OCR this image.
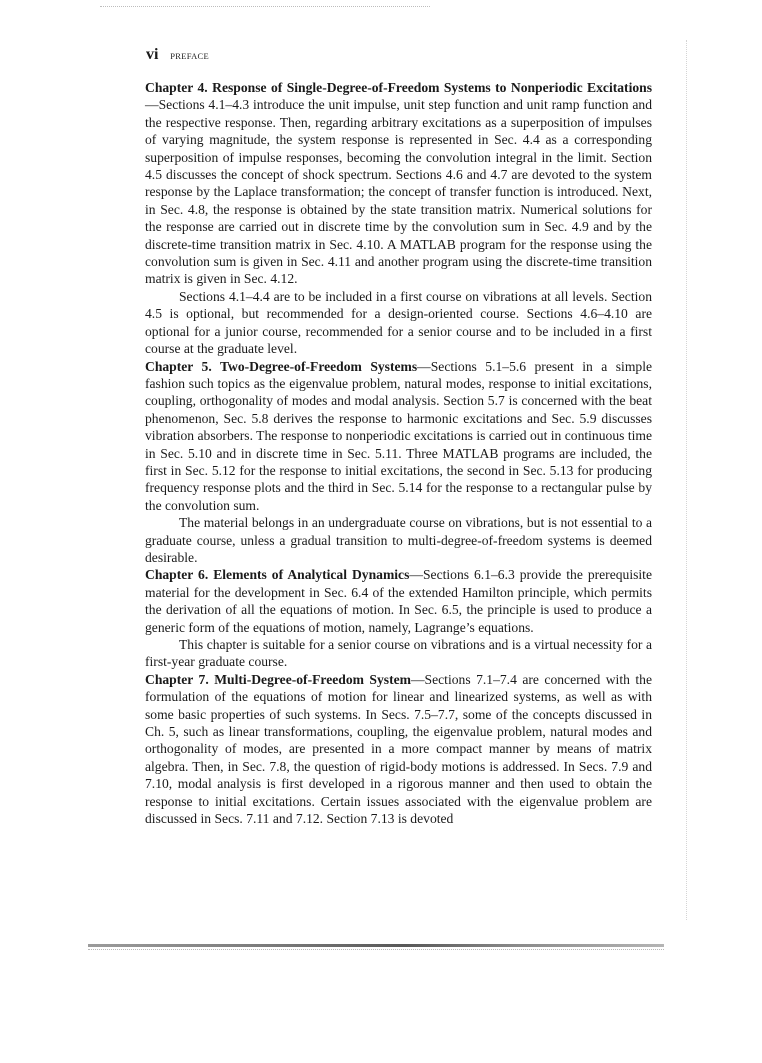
vi PREFACE

Chapter 4. Response of Single-Degree-of-Freedom Systems to Nonperiodic Excitations—Sections 4.1–4.3 introduce the unit impulse, unit step function and unit ramp function and the respective response. Then, regarding arbitrary excitations as a superposition of impulses of varying magnitude, the system response is represented in Sec. 4.4 as a corresponding superposition of impulse responses, becoming the convolution integral in the limit. Section 4.5 discusses the concept of shock spectrum. Sections 4.6 and 4.7 are devoted to the system response by the Laplace transformation; the concept of transfer function is introduced. Next, in Sec. 4.8, the response is obtained by the state transition matrix. Numerical solutions for the response are carried out in discrete time by the convolution sum in Sec. 4.9 and by the discrete-time transition matrix in Sec. 4.10. A MATLAB program for the response using the convolution sum is given in Sec. 4.11 and another program using the discrete-time transition matrix is given in Sec. 4.12.

Sections 4.1–4.4 are to be included in a first course on vibrations at all levels. Section 4.5 is optional, but recommended for a design-oriented course. Sections 4.6–4.10 are optional for a junior course, recommended for a senior course and to be included in a first course at the graduate level.

Chapter 5. Two-Degree-of-Freedom Systems—Sections 5.1–5.6 present in a simple fashion such topics as the eigenvalue problem, natural modes, response to initial excitations, coupling, orthogonality of modes and modal analysis. Section 5.7 is concerned with the beat phenomenon, Sec. 5.8 derives the response to harmonic excitations and Sec. 5.9 discusses vibration absorbers. The response to nonperiodic excitations is carried out in continuous time in Sec. 5.10 and in discrete time in Sec. 5.11. Three MATLAB programs are included, the first in Sec. 5.12 for the response to initial excitations, the second in Sec. 5.13 for producing frequency response plots and the third in Sec. 5.14 for the response to a rectangular pulse by the convolution sum.

The material belongs in an undergraduate course on vibrations, but is not essential to a graduate course, unless a gradual transition to multi-degree-of-freedom systems is deemed desirable.

Chapter 6. Elements of Analytical Dynamics—Sections 6.1–6.3 provide the prerequisite material for the development in Sec. 6.4 of the extended Hamilton principle, which permits the derivation of all the equations of motion. In Sec. 6.5, the principle is used to produce a generic form of the equations of motion, namely, Lagrange’s equations.

This chapter is suitable for a senior course on vibrations and is a virtual necessity for a first-year graduate course.

Chapter 7. Multi-Degree-of-Freedom System—Sections 7.1–7.4 are concerned with the formulation of the equations of motion for linear and linearized systems, as well as with some basic properties of such systems. In Secs. 7.5–7.7, some of the concepts discussed in Ch. 5, such as linear transformations, coupling, the eigenvalue problem, natural modes and orthogonality of modes, are presented in a more compact manner by means of matrix algebra. Then, in Sec. 7.8, the question of rigid-body motions is addressed. In Secs. 7.9 and 7.10, modal analysis is first developed in a rigorous manner and then used to obtain the response to initial excitations. Certain issues associated with the eigenvalue problem are discussed in Secs. 7.11 and 7.12. Section 7.13 is devoted
